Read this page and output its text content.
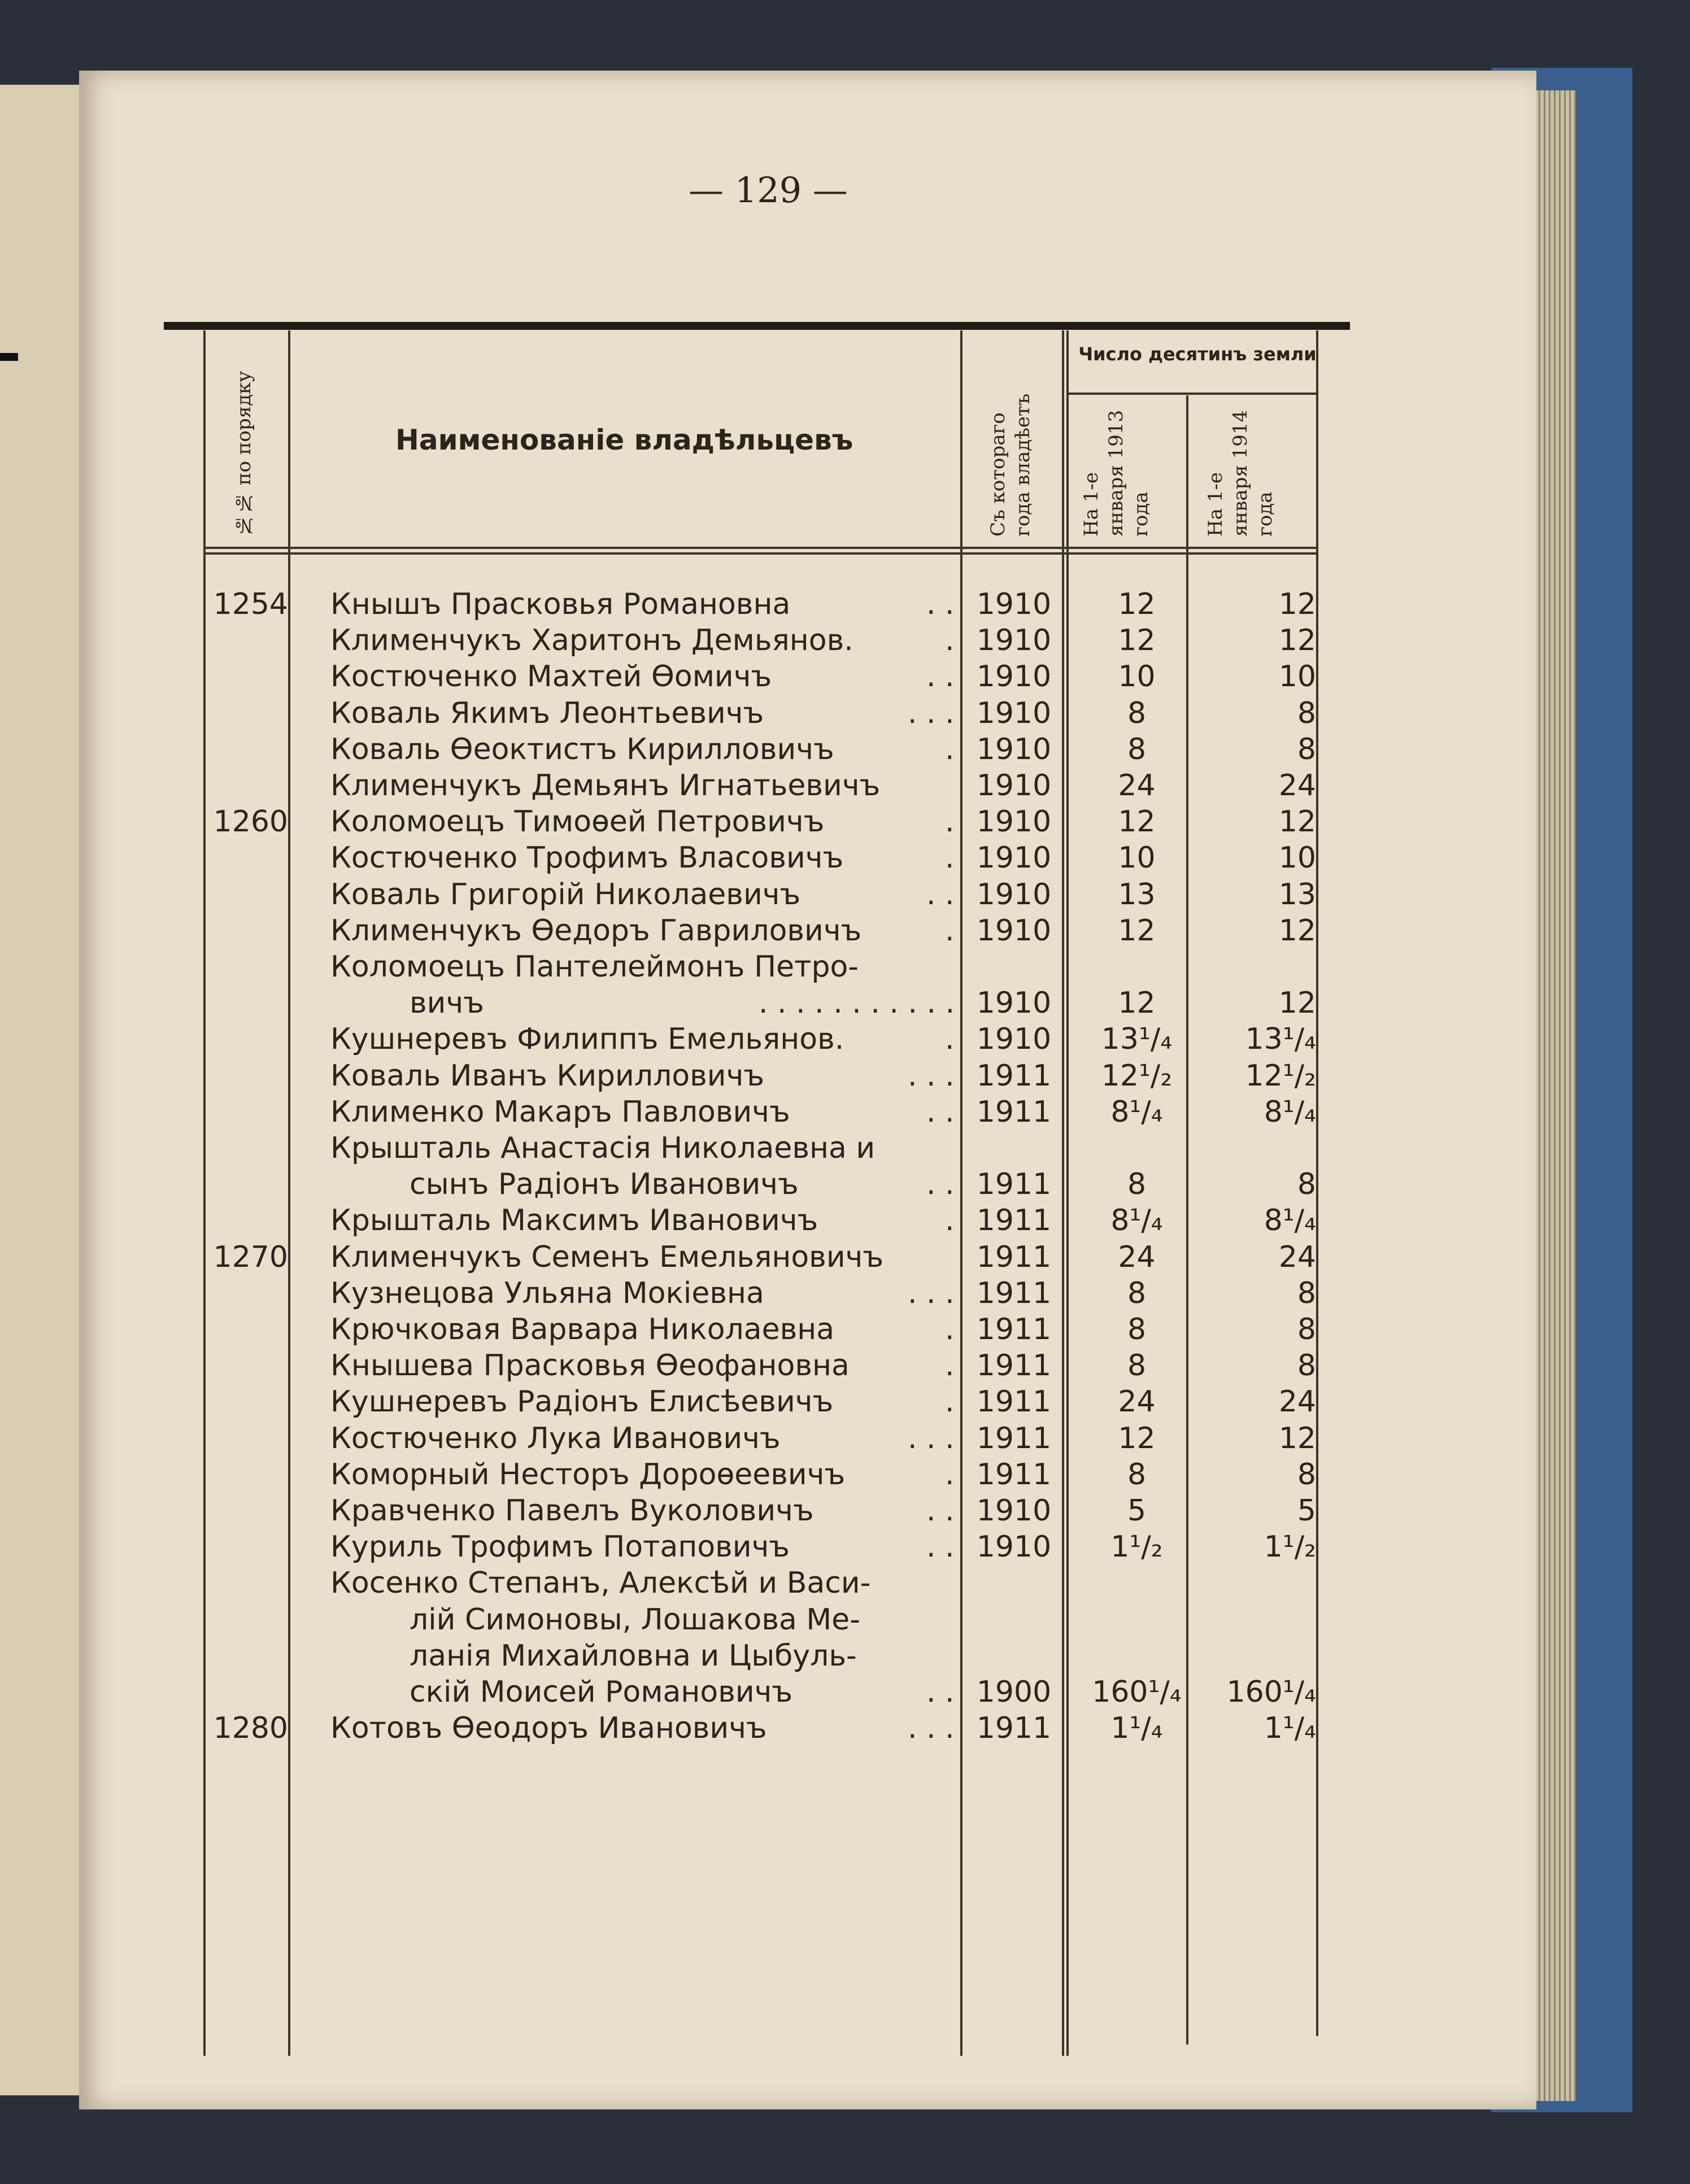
— 129 —
№№ по порядку	Наименованіе владѣльцевъ	Съ котораго года владѣетъ
Число десятинъ земли
На 1-е января 1913 года	На 1-е января 1914 года
1254 Кнышъ Прасковья Романовна	. . 1910	12	12
Клименчукъ Харитонъ Демьянов.	. 1910	12	12
Костюченко Махтей Ѳомичъ	. . 1910	10	10
Коваль Якимъ Леонтьевичъ	. . . 1910	8	8
Коваль Ѳеоктистъ Кирилловичъ	. 1910	8	8
Клименчукъ Демьянъ Игнатьевичъ	1910	24	24
1260 Коломоецъ Тимоѳей Петровичъ	. 1910	12	12
Костюченко Трофимъ Власовичъ	. 1910	10	10
Коваль Григорій Николаевичъ	. . 1910	13	13
Клименчукъ Ѳедоръ Гавриловичъ	. 1910	12	12
Коломоецъ Пантелеймонъ Петро-
вичъ	. . . . . . . . . . . 1910	12	12
Кушнеревъ Филиппъ Емельянов.	. 1910	13¹/₄	13¹/₄
Коваль Иванъ Кирилловичъ	. . . 1911	12¹/₂	12¹/₂
Клименко Макаръ Павловичъ	. . 1911	8¹/₄	8¹/₄
Крышталь Анастасія Николаевна и
сынъ Радіонъ Ивановичъ	. . 1911	8	8
Крышталь Максимъ Ивановичъ	. 1911	8¹/₄	8¹/₄
1270 Клименчукъ Семенъ Емельяновичъ	1911	24	24
Кузнецова Ульяна Мокіевна	. . . 1911	8	8
Крючковая Варвара Николаевна	. 1911	8	8
Кнышева Прасковья Ѳеофановна	. 1911	8	8
Кушнеревъ Радіонъ Елисѣевичъ	. 1911	24	24
Костюченко Лука Ивановичъ	. . . 1911	12	12
Коморный Несторъ Дороѳеевичъ	. 1911	8	8
Кравченко Павелъ Вуколовичъ	. . 1910	5	5
Куриль Трофимъ Потаповичъ	. . 1910	1¹/₂	1¹/₂
Косенко Степанъ, Алексѣй и Васи-
лій Симоновы, Лошакова Ме-
ланія Михайловна и Цыбуль-
скій Моисей Романовичъ	. . 1900	160¹/₄	160¹/₄
1280 Котовъ Ѳеодоръ Ивановичъ	. . . 1911	1¹/₄	1¹/₄
